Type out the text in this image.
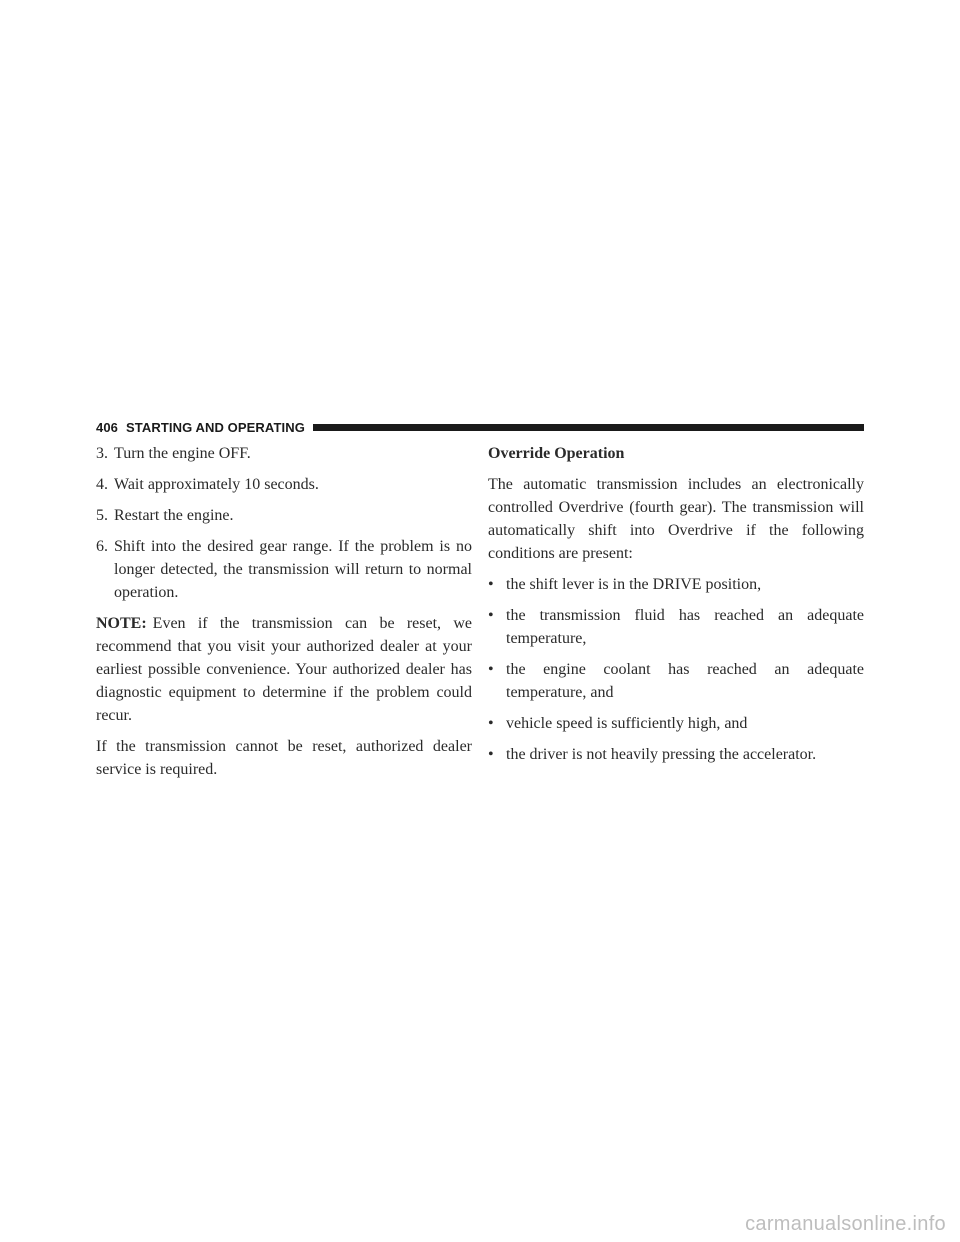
406 STARTING AND OPERATING
3. Turn the engine OFF.
4. Wait approximately 10 seconds.
5. Restart the engine.
6. Shift into the desired gear range. If the problem is no longer detected, the transmission will return to normal operation.

NOTE: Even if the transmission can be reset, we recommend that you visit your authorized dealer at your earliest possible convenience. Your authorized dealer has diagnostic equipment to determine if the problem could recur.

If the transmission cannot be reset, authorized dealer service is required.

Override Operation

The automatic transmission includes an electronically controlled Overdrive (fourth gear). The transmission will automatically shift into Overdrive if the following conditions are present:

• the shift lever is in the DRIVE position,
• the transmission fluid has reached an adequate temperature,
• the engine coolant has reached an adequate temperature, and
• vehicle speed is sufficiently high, and
• the driver is not heavily pressing the accelerator.
carmanualsonline.info
